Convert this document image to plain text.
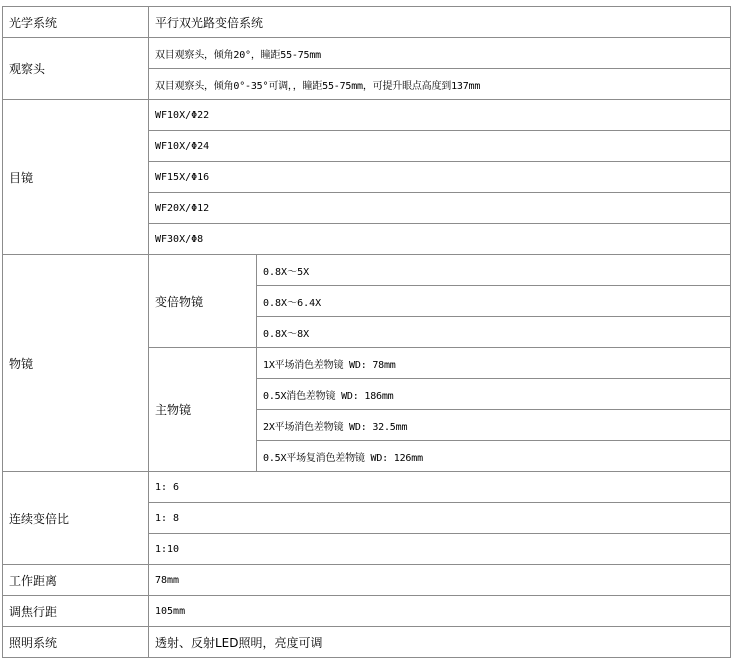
光学系统	平行双光路变倍系统	
观察头	双目观察头，倾角20°，瞳距55-75mm	
	双目观察头，倾角0°-35°可调，，瞳距55-75mm，可提升眼点高度到137mm	
目镜	WF10X/Φ22	
	WF10X/Φ24	
	WF15X/Φ16	
	WF20X/Φ12	
	WF30X/Φ8	
物镜	变倍物镜	0.8X～5X
		0.8X～6.4X
		0.8X～8X
	主物镜	1X平场消色差物镜 WD: 78mm
		0.5X消色差物镜 WD: 186mm
		2X平场消色差物镜 WD: 32.5mm
		0.5X平场复消色差物镜 WD: 126mm
连续变倍比	1: 6	
	1: 8	
	1:10	
工作距离	78mm	
调焦行距	105mm	
照明系统	透射、反射LED照明，亮度可调	
